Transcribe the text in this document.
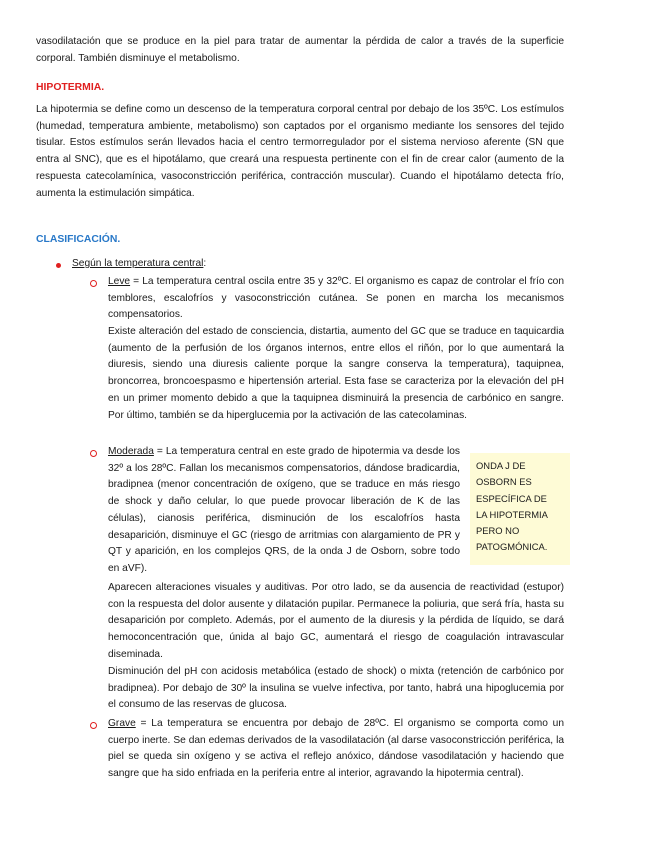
vasodilatación que se produce en la piel para tratar de aumentar la pérdida de calor a través de la superficie corporal. También disminuye el metabolismo.

HIPOTERMIA.

La hipotermia se define como un descenso de la temperatura corporal central por debajo de los 35ºC. Los estímulos (humedad, temperatura ambiente, metabolismo) son captados por el organismo mediante los sensores del tejido tisular. Estos estímulos serán llevados hacia el centro termorregulador por el sistema nervioso aferente (SN que entra al SNC), que es el hipotálamo, que creará una respuesta pertinente con el fin de crear calor (aumento de la respuesta catecolamínica, vasoconstricción periférica, contracción muscular). Cuando el hipotálamo detecta frío, aumenta la estimulación simpática.

CLASIFICACIÓN.

Según la temperatura central:

Leve = La temperatura central oscila entre 35 y 32ºC. El organismo es capaz de controlar el frío con temblores, escalofríos y vasoconstricción cutánea. Se ponen en marcha los mecanismos compensatorios.

Existe alteración del estado de consciencia, distartia, aumento del GC que se traduce en taquicardia (aumento de la perfusión de los órganos internos, entre ellos el riñón, por lo que aumentará la diuresis, siendo una diuresis caliente porque la sangre conserva la temperatura), taquipnea, broncorrea, broncoespasmo e hipertensión arterial. Esta fase se caracteriza por la elevación del pH en un primer momento debido a que la taquipnea disminuirá la presencia de carbónico en sangre. Por último, también se da hiperglucemia por la activación de las catecolaminas.

Moderada = La temperatura central en este grado de hipotermia va desde los 32º a los 28ºC. Fallan los mecanismos compensatorios, dándose bradicardia, bradipnea (menor concentración de oxígeno, que se traduce en más riesgo de shock y daño celular, lo que puede provocar liberación de K de las células), cianosis periférica, disminución de los escalofríos hasta desaparición, disminuye el GC (riesgo de arritmias con alargamiento de PR y QT y aparición, en los complejos QRS, de la onda J de Osborn, sobre todo en aVF).

ONDA J DE
OSBORN ES
ESPECÍFICA DE
LA HIPOTERMIA
PERO NO
PATOGMÓNICA.

Aparecen alteraciones visuales y auditivas. Por otro lado, se da ausencia de reactividad (estupor) con la respuesta del dolor ausente y dilatación pupilar. Permanece la poliuria, que será fría, hasta su desaparición por completo. Además, por el aumento de la diuresis y la pérdida de líquido, se dará hemoconcentración que, únida al bajo GC, aumentará el riesgo de coagulación intravascular diseminada.

Disminución del pH con acidosis metabólica (estado de shock) o mixta (retención de carbónico por bradipnea). Por debajo de 30º la insulina se vuelve infectiva, por tanto, habrá una hipoglucemia por el consumo de las reservas de glucosa.

Grave = La temperatura se encuentra por debajo de 28ºC. El organismo se comporta como un cuerpo inerte. Se dan edemas derivados de la vasodilatación (al darse vasoconstricción periférica, la piel se queda sin oxígeno y se activa el reflejo anóxico, dándose vasodilatación y haciendo que sangre que ha sido enfriada en la periferia entre al interior, agravando la hipotermia central).
